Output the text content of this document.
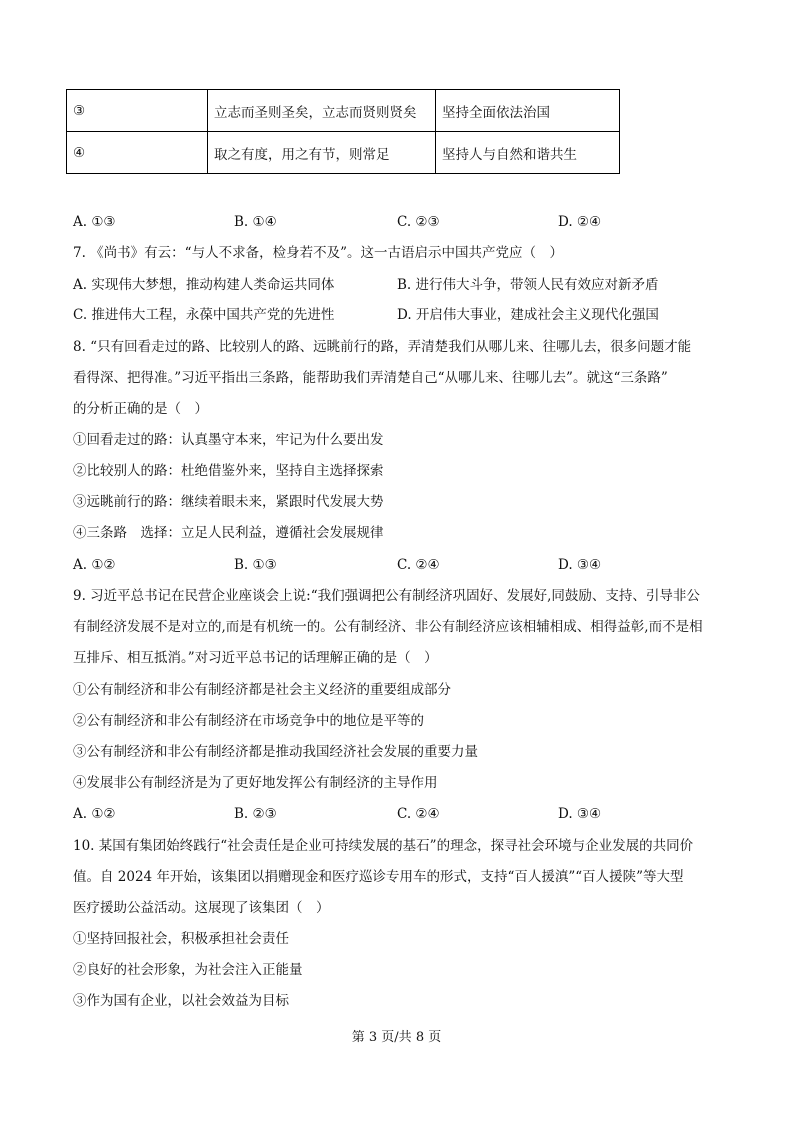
③	立志而圣则圣矣，立志而贤则贤矣	坚持全面依法治国
④	取之有度，用之有节，则常足	坚持人与自然和谐共生
A. ①③	B. ①④	C. ②③	D. ②④
7. 《尚书》有云：“与人不求备，检身若不及”。这一古语启示中国共产党应（　）
A. 实现伟大梦想，推动构建人类命运共同体	B. 进行伟大斗争，带领人民有效应对新矛盾
C. 推进伟大工程，永葆中国共产党的先进性	D. 开启伟大事业，建成社会主义现代化强国
8. “只有回看走过的路、比较别人的路、远眺前行的路，弄清楚我们从哪儿来、往哪儿去，很多问题才能
看得深、把得准。”习近平指出三条路，能帮助我们弄清楚自己“从哪儿来、往哪儿去”。就这“三条路”
的分析正确的是（　）
①回看走过的路：认真墨守本来，牢记为什么要出发
②比较别人的路：杜绝借鉴外来，坚持自主选择探索
③远眺前行的路：继续着眼未来，紧跟时代发展大势
④三条路　选择：立足人民利益，遵循社会发展规律
A. ①②	B. ①③	C. ②④	D. ③④
9. 习近平总书记在民营企业座谈会上说:“我们强调把公有制经济巩固好、发展好,同鼓励、支持、引导非公
有制经济发展不是对立的,而是有机统一的。公有制经济、非公有制经济应该相辅相成、相得益彰,而不是相
互排斥、相互抵消。”对习近平总书记的话理解正确的是（　）
①公有制经济和非公有制经济都是社会主义经济的重要组成部分
②公有制经济和非公有制经济在市场竞争中的地位是平等的
③公有制经济和非公有制经济都是推动我国经济社会发展的重要力量
④发展非公有制经济是为了更好地发挥公有制经济的主导作用
A. ①②	B. ②③	C. ②④	D. ③④
10. 某国有集团始终践行“社会责任是企业可持续发展的基石”的理念，探寻社会环境与企业发展的共同价
值。自 2024 年开始，该集团以捐赠现金和医疗巡诊专用车的形式，支持“百人援滇”“百人援陕”等大型
医疗援助公益活动。这展现了该集团（　）
①坚持回报社会，积极承担社会责任
②良好的社会形象，为社会注入正能量
③作为国有企业，以社会效益为目标
第 3 页/共 8 页
